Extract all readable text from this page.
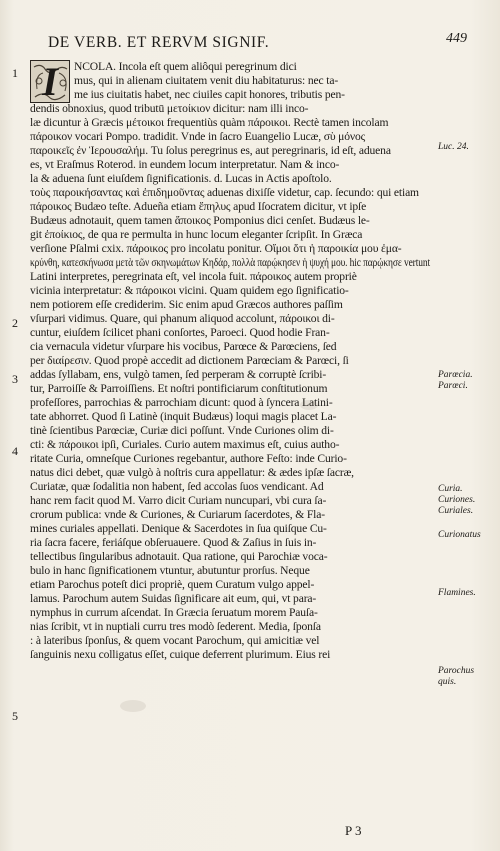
DE VERB. ET RERVM SIGNIF.	449
1
2
3
4
5
I NCOLA. Incola eſt quem aliôqui peregrinum dici
mus, qui in alienam ciuitatem venit diu habitaturus: nec ta-
me ius ciuitatis habet, nec ciuiles capit honores, tributis pen-
dendis obnoxius, quod tributū μετοίκιον dicitur: nam illi inco-
læ dicuntur à Græcis μέτοικοι frequentiùs quàm πάροικοι. Rectè tamen incolam
πάροικον vocari Pompo. tradidit. Vnde in ſacro Euangelio Lucæ, σὺ μόνος
παροικεῖς ἐν Ἱερουσαλήμ. Tu ſolus peregrinus es, aut peregrinaris, id eſt, aduena
es, vt Eraſmus Roterod. in eundem locum interpretatur. Nam & inco-
la & aduena ſunt eiuſdem ſignificationis. d. Lucas in Actis apoſtolo.
τοὺς παροικήσαντας καὶ ἐπιδημοῦντας aduenas dixiſſe videtur, cap. ſecundo: qui etiam
πάροικος Budæo teſte. Adueña etiam ἔπηλυς apud Iſocratem dicitur, vt ipſe
Budæus adnotauit, quem tamen ἄποικος Pomponius dici cenſet. Budæus le-
git ἐποίκιος, de qua re permulta in hunc locum eleganter ſcripſit. In Græca
verſione Pſalmi cxix. πάροικος pro incolatu ponitur. Οἴμοι ὅτι ἡ παροικία μου ἐμα-
κρύνθη, κατεσκήνωσα μετὰ τῶν σκηνωμάτων Κηδάρ, πολλὰ παρῴκησεν ἡ ψυχή μου. hic παρῴκησε vertunt
Latini interpretes, peregrinata eſt, vel incola fuit. πάροικος autem propriè
vicinia interpretatur: & πάροικοι vicini. Quam quidem ego ſignificatio-
nem potiorem eſſe crediderim. Sic enim apud Græcos authores paſſim
vſurpari vidimus. Quare, qui phanum aliquod accolunt, πάροικοι di-
cuntur, eiuſdem ſcilicet phani conſortes, Paroeci. Quod hodie Fran-
cia vernacula videtur vſurpare his vocibus, Parœce & Parœciens, ſed
per διαίρεσιν. Quod propè accedit ad dictionem Parœciam & Parœci, ſi
addas ſyllabam, ens, vulgò tamen, ſed perperam & corruptè ſcribi-
tur, Parroiſſe & Parroiſſiens. Et noſtri pontificiarum conſtitutionum
profeſſores, parrochias & parrochiam dicunt: quod à ſyncera Latini-
tate abhorret. Quod ſi Latinè (inquit Budæus) loqui magis placet La-
tinè ſcientibus Parœciæ, Curiæ dici poſſunt. Vnde Curiones olim di-
cti: & πάροικοι ipſi, Curiales. Curio autem maximus eſt, cuius autho-
ritate Curia, omneſque Curiones regebantur, authore Feſto: inde Curio-
natus dici debet, quæ vulgò à noſtris cura appellatur: & ædes ipſæ ſacræ,
Curiatæ, quæ ſodalitia non habent, ſed accolas ſuos vendicant. Ad
hanc rem facit quod M. Varro dicit Curiam nuncupari, vbi cura ſa-
crorum publica: vnde & Curiones, & Curiarum ſacerdotes, & Fla-
mines curiales appellati. Denique & Sacerdotes in ſua quiſque Cu-
ria ſacra facere, feriáſque obſeruauere. Quod & Zaſius in ſuis in-
tellectibus ſingularibus adnotauit. Qua ratione, qui Parochiæ voca-
bulo in hanc ſignificationem vtuntur, abutuntur prorſus. Neque
etiam Parochus poteſt dici propriè, quem Curatum vulgo appel-
lamus. Parochum autem Suidas ſignificare ait eum, qui, vt para-
nymphus in currum aſcendat. In Græcia ſeruatum morem Pauſa-
nias ſcribit, vt in nuptiali curru tres modò ſederent. Media, ſponſa
: à lateribus ſponſus, & quem vocant Parochum, qui amicitiæ vel
ſanguinis nexu colligatus eſſet, cuique deferrent plurimum. Eius rei
Luc. 24.
Parœcia.
Parœci.
Curia.
Curiones.
Curiales.
Curionatus
Flamines.
Parochus
quis.
P 3
